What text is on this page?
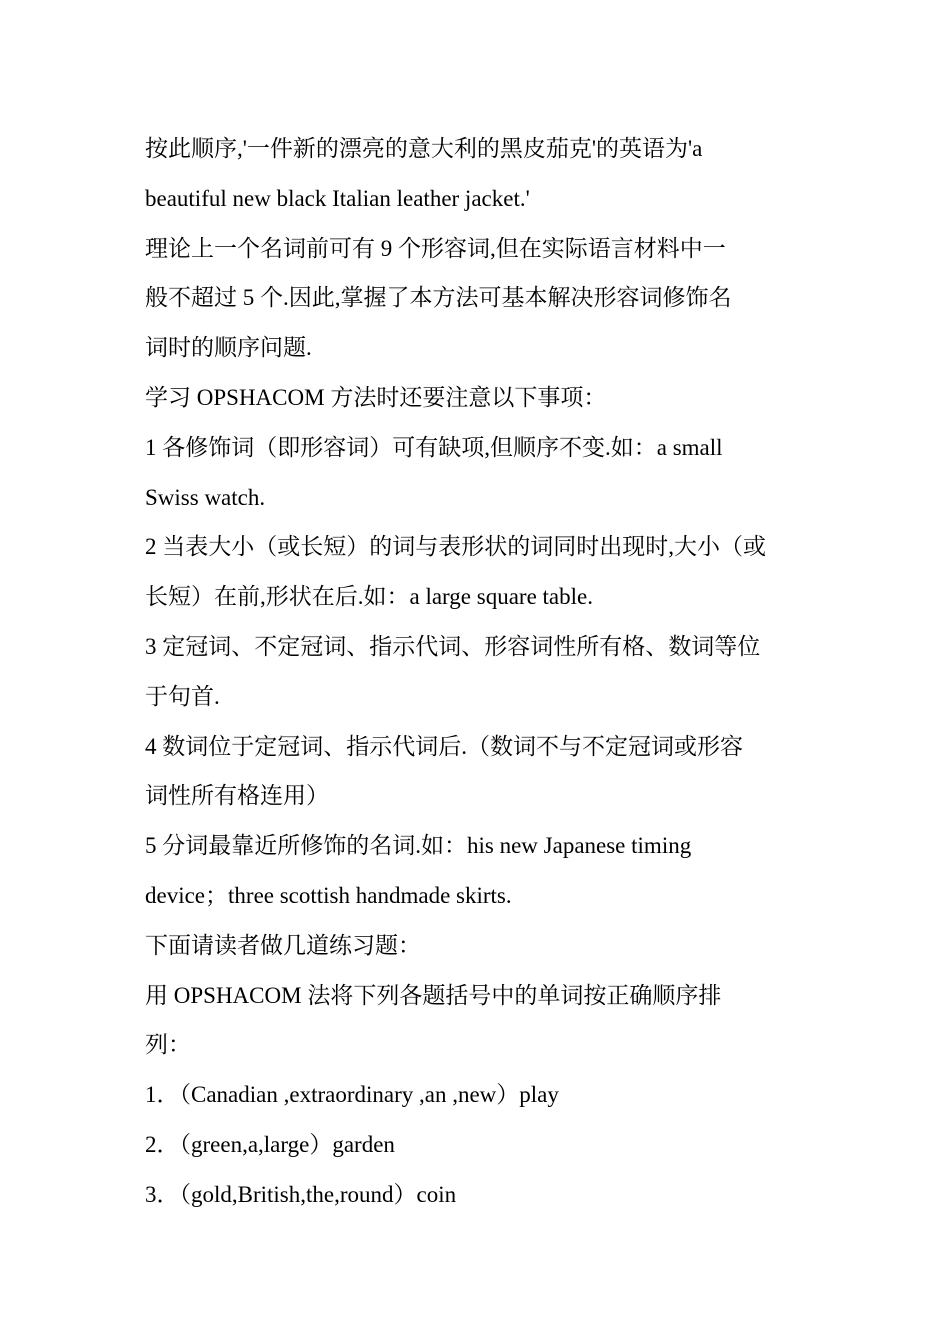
按此顺序,'一件新的漂亮的意大利的黑皮茄克'的英语为'a
beautiful new black Italian leather jacket.'

理论上一个名词前可有 9 个形容词,但在实际语言材料中一
般不超过 5 个.因此,掌握了本方法可基本解决形容词修饰名
词时的顺序问题.

学习 OPSHACOM 方法时还要注意以下事项：

1 各修饰词（即形容词）可有缺项,但顺序不变.如：a small
Swiss watch.

2 当表大小（或长短）的词与表形状的词同时出现时,大小（或
长短）在前,形状在后.如：a large square table.

3 定冠词、不定冠词、指示代词、形容词性所有格、数词等位
于句首.

4 数词位于定冠词、指示代词后.（数词不与不定冠词或形容
词性所有格连用）

5 分词最靠近所修饰的名词.如：his new Japanese timing
device；three scottish handmade skirts.

下面请读者做几道练习题：

用 OPSHACOM 法将下列各题括号中的单词按正确顺序排
列：

1．（Canadian ,extraordinary ,an ,new）play

2．（green,a,large）garden

3．（gold,British,the,round）coin
